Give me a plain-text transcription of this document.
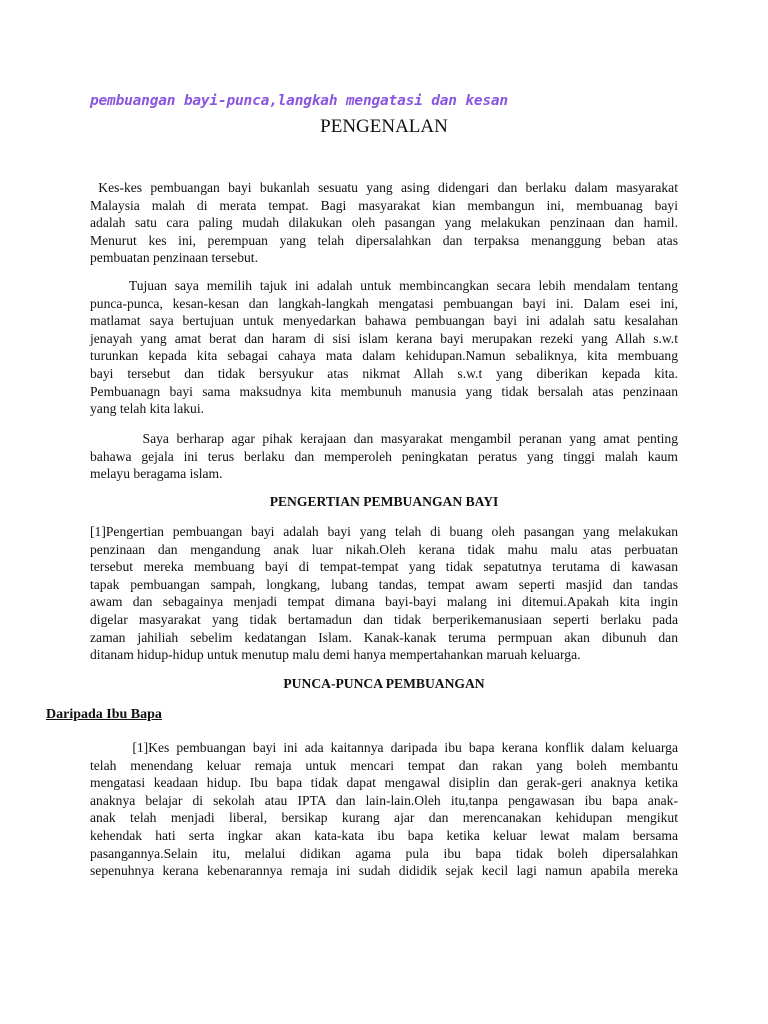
pembuangan bayi-punca,langkah mengatasi dan kesan
PENGENALAN
Kes-kes pembuangan bayi bukanlah sesuatu yang asing didengari dan berlaku dalam masyarakat
Malaysia malah di merata tempat. Bagi masyarakat kian membangun ini, membuanag bayi
adalah satu cara paling mudah dilakukan oleh pasangan yang melakukan penzinaan dan hamil.
Menurut kes ini, perempuan yang telah dipersalahkan dan terpaksa menanggung beban atas
pembuatan penzinaan tersebut.
Tujuan saya memilih tajuk ini adalah untuk membincangkan secara lebih mendalam tentang
punca-punca, kesan-kesan dan langkah-langkah mengatasi pembuangan bayi ini. Dalam esei ini,
matlamat saya bertujuan untuk menyedarkan bahawa pembuangan bayi ini adalah satu kesalahan
jenayah yang amat berat dan haram di sisi islam kerana bayi merupakan rezeki yang Allah s.w.t
turunkan kepada kita sebagai cahaya mata dalam kehidupan.Namun sebaliknya, kita membuang
bayi tersebut dan tidak bersyukur atas nikmat Allah s.w.t yang diberikan kepada kita.
Pembuanagn bayi sama maksudnya kita membunuh manusia yang tidak bersalah atas penzinaan
yang telah kita lakui.
Saya berharap agar pihak kerajaan dan masyarakat mengambil peranan yang amat penting
bahawa gejala ini terus berlaku dan memperoleh peningkatan peratus yang tinggi malah kaum
melayu beragama islam.
PENGERTIAN PEMBUANGAN BAYI
[1]Pengertian pembuangan bayi adalah bayi yang telah di buang oleh pasangan yang melakukan
penzinaan dan mengandung anak luar nikah.Oleh kerana tidak mahu malu atas perbuatan
tersebut mereka membuang bayi di tempat-tempat yang tidak sepatutnya terutama di kawasan
tapak pembuangan sampah, longkang, lubang tandas, tempat awam seperti masjid dan tandas
awam dan sebagainya menjadi tempat dimana bayi-bayi malang ini ditemui.Apakah kita ingin
digelar masyarakat yang tidak bertamadun dan tidak berperikemanusiaan seperti berlaku pada
zaman jahiliah sebelim kedatangan Islam. Kanak-kanak teruma permpuan akan dibunuh dan
ditanam hidup-hidup untuk menutup malu demi hanya mempertahankan maruah keluarga.
PUNCA-PUNCA PEMBUANGAN
Daripada Ibu Bapa
[1]Kes pembuangan bayi ini ada kaitannya daripada ibu bapa kerana konflik dalam keluarga
telah menendang keluar remaja untuk mencari tempat dan rakan yang boleh membantu
mengatasi keadaan hidup. Ibu bapa tidak dapat mengawal disiplin dan gerak-geri anaknya ketika
anaknya belajar di sekolah atau IPTA dan lain-lain.Oleh itu,tanpa pengawasan ibu bapa anak-
anak telah menjadi liberal, bersikap kurang ajar dan merencanakan kehidupan mengikut
kehendak hati serta ingkar akan kata-kata ibu bapa ketika keluar lewat malam bersama
pasangannya.Selain itu, melalui didikan agama pula ibu bapa tidak boleh dipersalahkan
sepenuhnya kerana kebenarannya remaja ini sudah dididik sejak kecil lagi namun apabila mereka
